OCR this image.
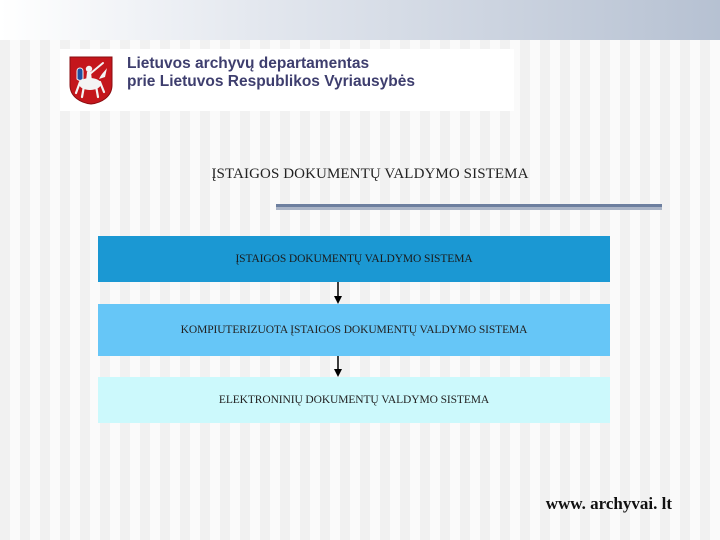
Lietuvos archyvų departamentas
prie Lietuvos Respublikos Vyriausybės
ĮSTAIGOS DOKUMENTŲ VALDYMO SISTEMA
ĮSTAIGOS DOKUMENTŲ VALDYMO SISTEMA
KOMPIUTERIZUOTA ĮSTAIGOS DOKUMENTŲ VALDYMO SISTEMA
ELEKTRONINIŲ DOKUMENTŲ VALDYMO SISTEMA
www. archyvai. lt
